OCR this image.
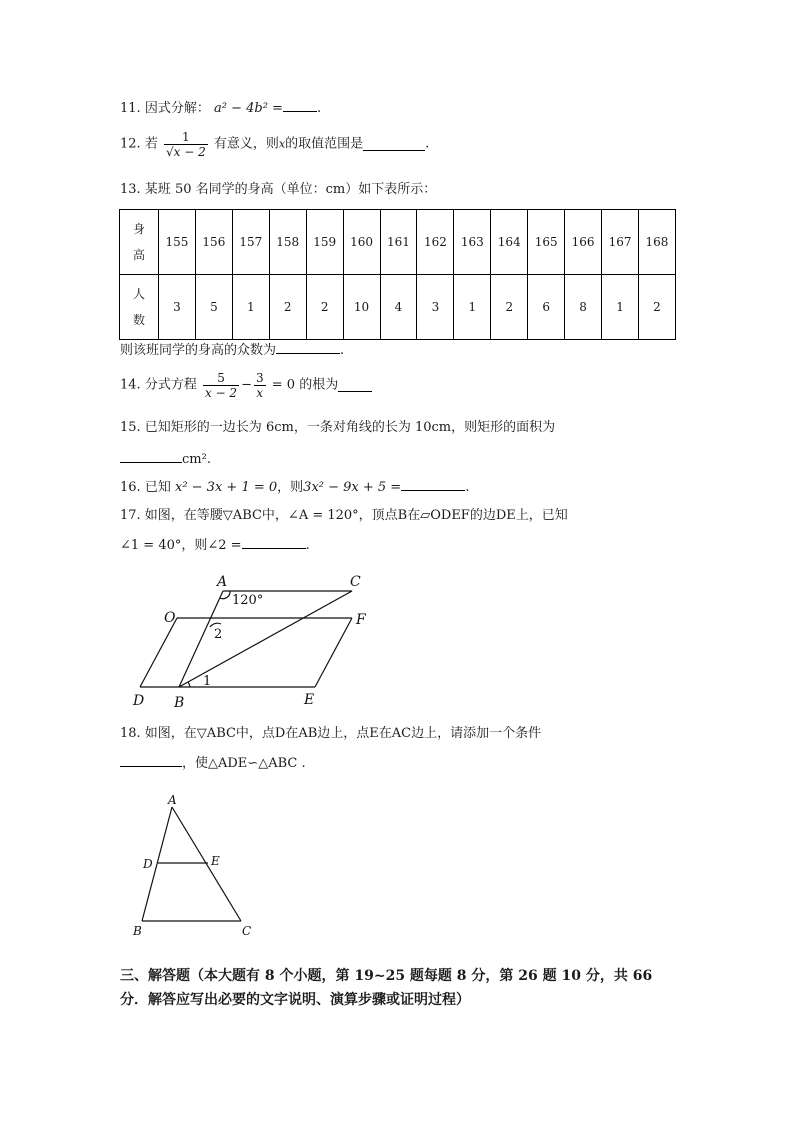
11. 因式分解： a² − 4b² =	.
12. 若 $\frac{1}{√x - 2}$ 有意义，则x的取值范围是	.
13. 某班 50 名同学的身高（单位：cm）如下表所示：
身
高	155	156	157	158	159	160	161	162	163	164	165	166	167	168

人
数	3	5	1	2	2	10	4	3	1	2	6	8	1	2
则该班同学的身高的众数为	.
14. 分式方程 $\frac{5}{x - 2} - \frac{3}{x} = 0$ 的根为
15. 已知矩形的一边长为 6cm，一条对角线的长为 10cm，则矩形的面积为
cm².
16. 已知 x² − 3x + 1 = 0，则3x² − 9x + 5 =	.
17. 如图，在等腰▽ABC中，∠A = 120°，顶点B在▱ODEF的边DE上，已知
∠1 = 40°，则∠2 =	.
A	C
O	F
D B	E
120°
2
1
18. 如图，在▽ABC中，点D在AB边上，点E在AC边上，请添加一个条件
，使△ADE∽△ABC .
A
D	E
B	C
三、解答题（本大题有 8 个小题，第 19~25 题每题 8 分，第 26 题 10 分，共 66
分．解答应写出必要的文字说明、演算步骤或证明过程）
